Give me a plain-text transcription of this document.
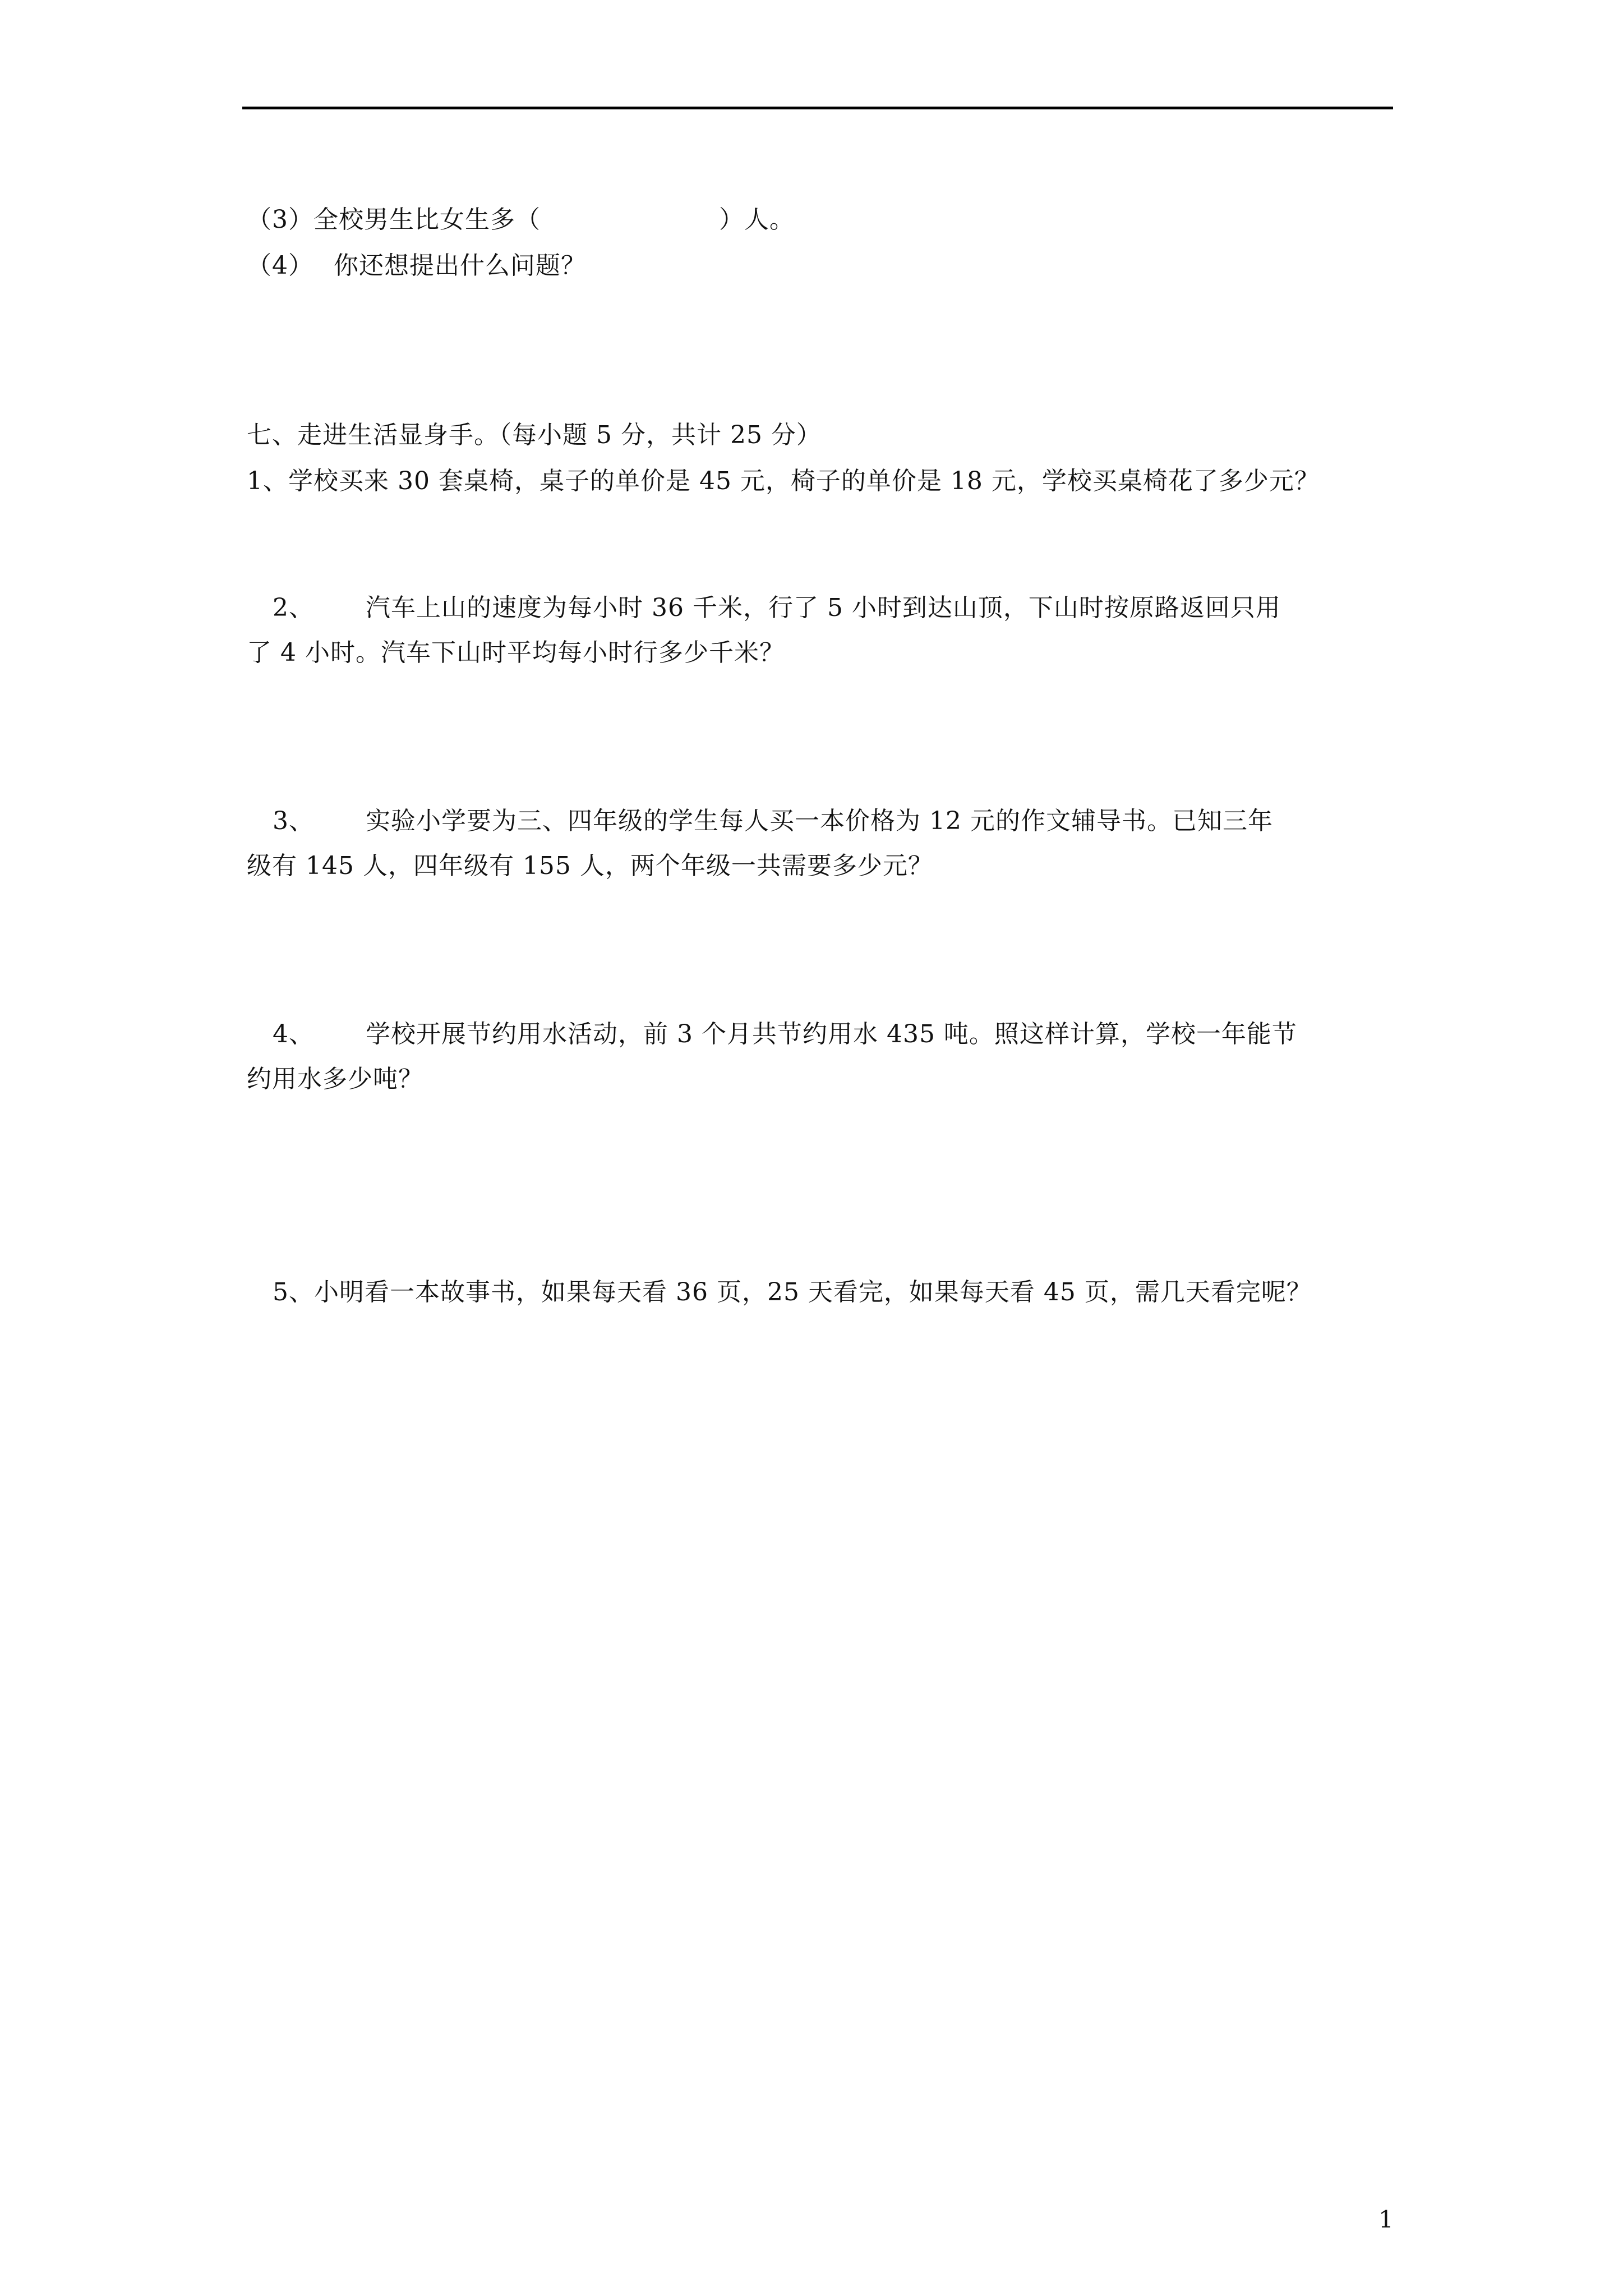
（3）全校男生比女生多（	）人。
（4） 你还想提出什么问题？
七、走进生活显身手。（每小题 5 分，共计 25 分）
1、学校买来 30 套桌椅，桌子的单价是 45 元，椅子的单价是 18 元，学校买桌椅花了多少元？
2、 汽车上山的速度为每小时 36 千米，行了 5 小时到达山顶，下山时按原路返回只用
了 4 小时。汽车下山时平均每小时行多少千米？
3、 实验小学要为三、四年级的学生每人买一本价格为 12 元的作文辅导书。已知三年
级有 145 人，四年级有 155 人，两个年级一共需要多少元？
4、 学校开展节约用水活动，前 3 个月共节约用水 435 吨。照这样计算，学校一年能节
约用水多少吨？
5、小明看一本故事书，如果每天看 36 页，25 天看完，如果每天看 45 页，需几天看完呢？
1
